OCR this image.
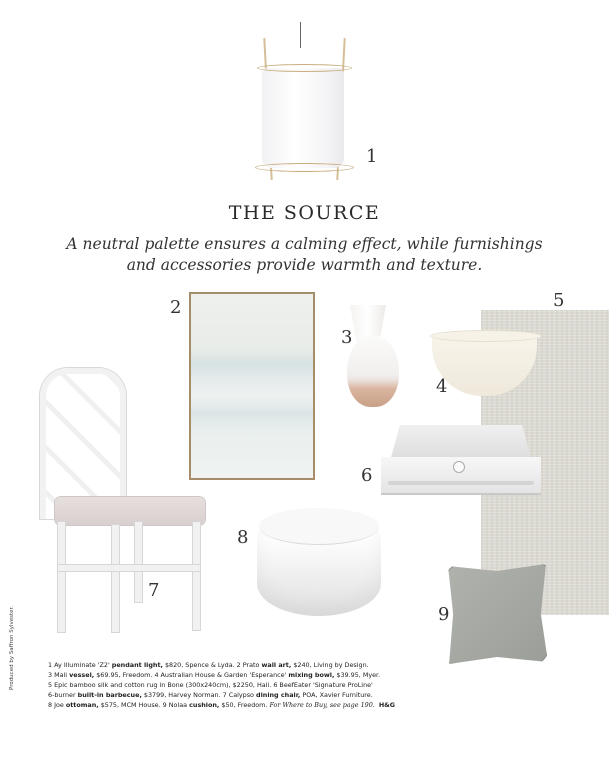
1
THE SOURCE
A neutral palette ensures a calming effect, while furnishings and accessories provide warmth and texture.
5
2
3
4
6
7
8
9
Produced by Saffron Sylvester.	1 Ay Illuminate 'Z2' pendant light, $820, Spence & Lyda. 2 Prato wall art, $240, Living by Design.
3 Mali vessel, $69.95, Freedom. 4 Australian House & Garden 'Esperance' mixing bowl, $39.95, Myer.
5 Epic bamboo silk and cotton rug in Bone (300x240cm), $2250, Hali. 6 BeefEater 'Signature ProLine'
6-burner built-in barbecue, $3799, Harvey Norman. 7 Calypso dining chair, POA, Xavier Furniture.
8 Joe ottoman, $575, MCM House. 9 Nolaa cushion, $50, Freedom. For Where to Buy, see page 190. H&G
